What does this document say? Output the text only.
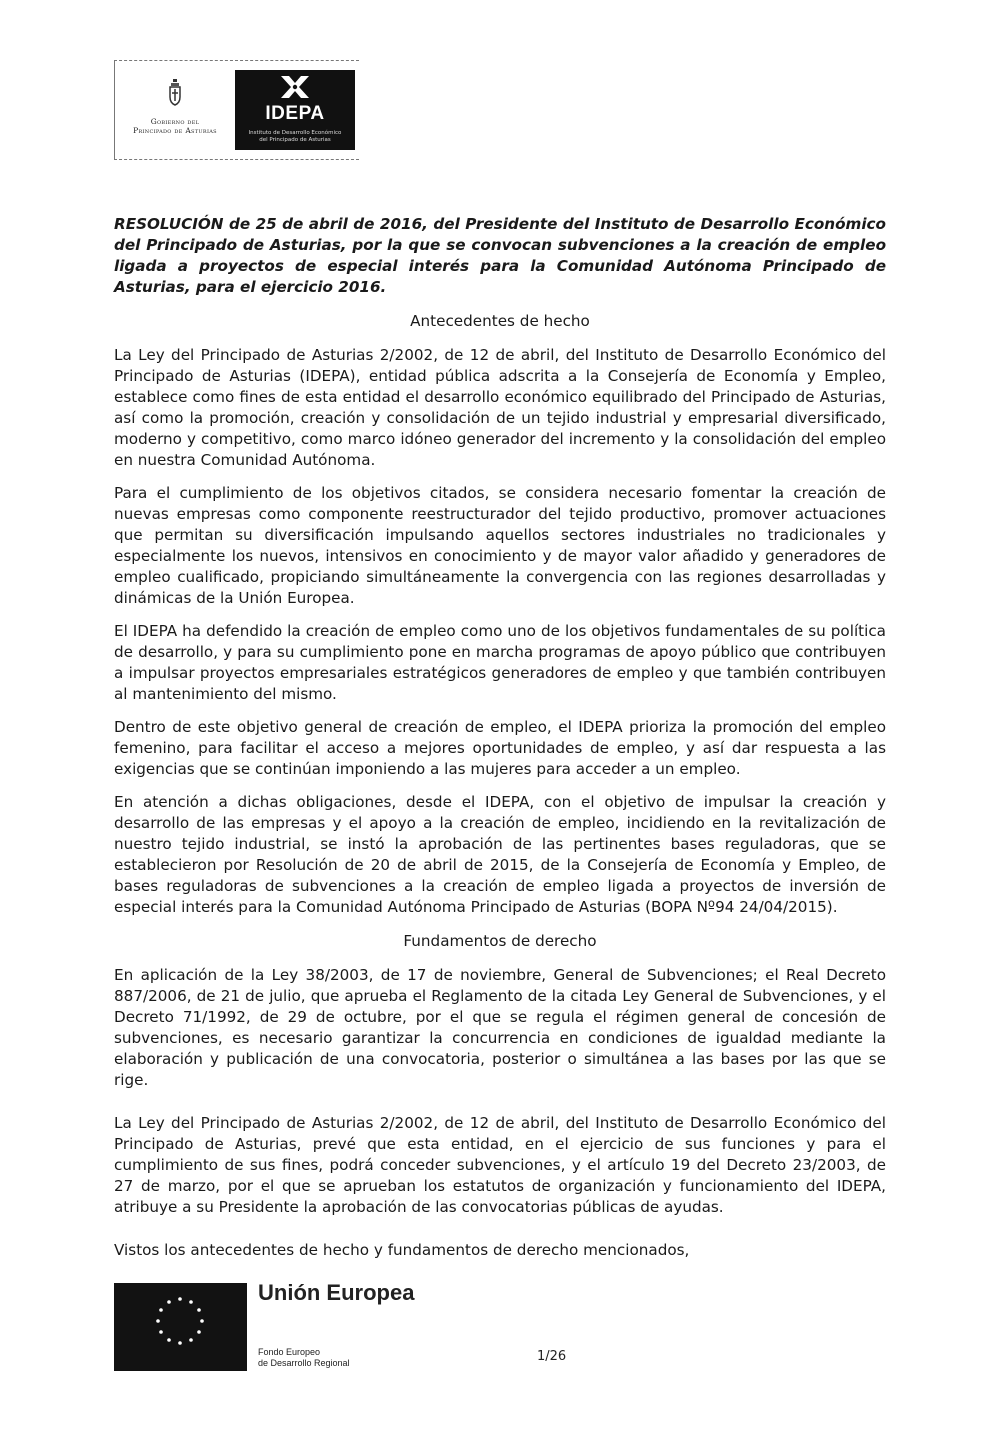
Gobierno del
Principado de Asturias
IDEPA
Instituto de Desarrollo Económico
del Principado de Asturias

RESOLUCIÓN de 25 de abril de 2016, del Presidente del Instituto de Desarrollo Económico del Principado de Asturias, por la que se convocan subvenciones a la creación de empleo ligada a proyectos de especial interés para la Comunidad Autónoma Principado de Asturias, para el ejercicio 2016.

Antecedentes de hecho

La Ley del Principado de Asturias 2/2002, de 12 de abril, del Instituto de Desarrollo Económico del Principado de Asturias (IDEPA), entidad pública adscrita a la Consejería de Economía y Empleo, establece como fines de esta entidad el desarrollo económico equilibrado del Principado de Asturias, así como la promoción, creación y consolidación de un tejido industrial y empresarial diversificado, moderno y competitivo, como marco idóneo generador del incremento y la consolidación del empleo en nuestra Comunidad Autónoma.

Para el cumplimiento de los objetivos citados, se considera necesario fomentar la creación de nuevas empresas como componente reestructurador del tejido productivo, promover actuaciones que permitan su diversificación impulsando aquellos sectores industriales no tradicionales y especialmente los nuevos, intensivos en conocimiento y de mayor valor añadido y generadores de empleo cualificado, propiciando simultáneamente la convergencia con las regiones desarrolladas y dinámicas de la Unión Europea.

El IDEPA ha defendido la creación de empleo como uno de los objetivos fundamentales de su política de desarrollo, y para su cumplimiento pone en marcha programas de apoyo público que contribuyen a impulsar proyectos empresariales estratégicos generadores de empleo y que también contribuyen al mantenimiento del mismo.

Dentro de este objetivo general de creación de empleo, el IDEPA prioriza la promoción del empleo femenino, para facilitar el acceso a mejores oportunidades de empleo, y así dar respuesta a las exigencias que se continúan imponiendo a las mujeres para acceder a un empleo.

En atención a dichas obligaciones, desde el IDEPA, con el objetivo de impulsar la creación y desarrollo de las empresas y el apoyo a la creación de empleo, incidiendo en la revitalización de nuestro tejido industrial, se instó la aprobación de las pertinentes bases reguladoras, que se establecieron por Resolución de 20 de abril de 2015, de la Consejería de Economía y Empleo, de bases reguladoras de subvenciones a la creación de empleo ligada a proyectos de inversión de especial interés para la Comunidad Autónoma Principado de Asturias (BOPA Nº94 24/04/2015).

Fundamentos de derecho

En aplicación de la Ley 38/2003, de 17 de noviembre, General de Subvenciones; el Real Decreto 887/2006, de 21 de julio, que aprueba el Reglamento de la citada Ley General de Subvenciones, y el Decreto 71/1992, de 29 de octubre, por el que se regula el régimen general de concesión de subvenciones, es necesario garantizar la concurrencia en condiciones de igualdad mediante la elaboración y publicación de una convocatoria, posterior o simultánea a las bases por las que se rige.

La Ley del Principado de Asturias 2/2002, de 12 de abril, del Instituto de Desarrollo Económico del Principado de Asturias, prevé que esta entidad, en el ejercicio de sus funciones y para el cumplimiento de sus fines, podrá conceder subvenciones, y el artículo 19 del Decreto 23/2003, de 27 de marzo, por el que se aprueban los estatutos de organización y funcionamiento del IDEPA, atribuye a su Presidente la aprobación de las convocatorias públicas de ayudas.

Vistos los antecedentes de hecho y fundamentos de derecho mencionados,

Unión Europea
Fondo Europeo
de Desarrollo Regional	1/26
